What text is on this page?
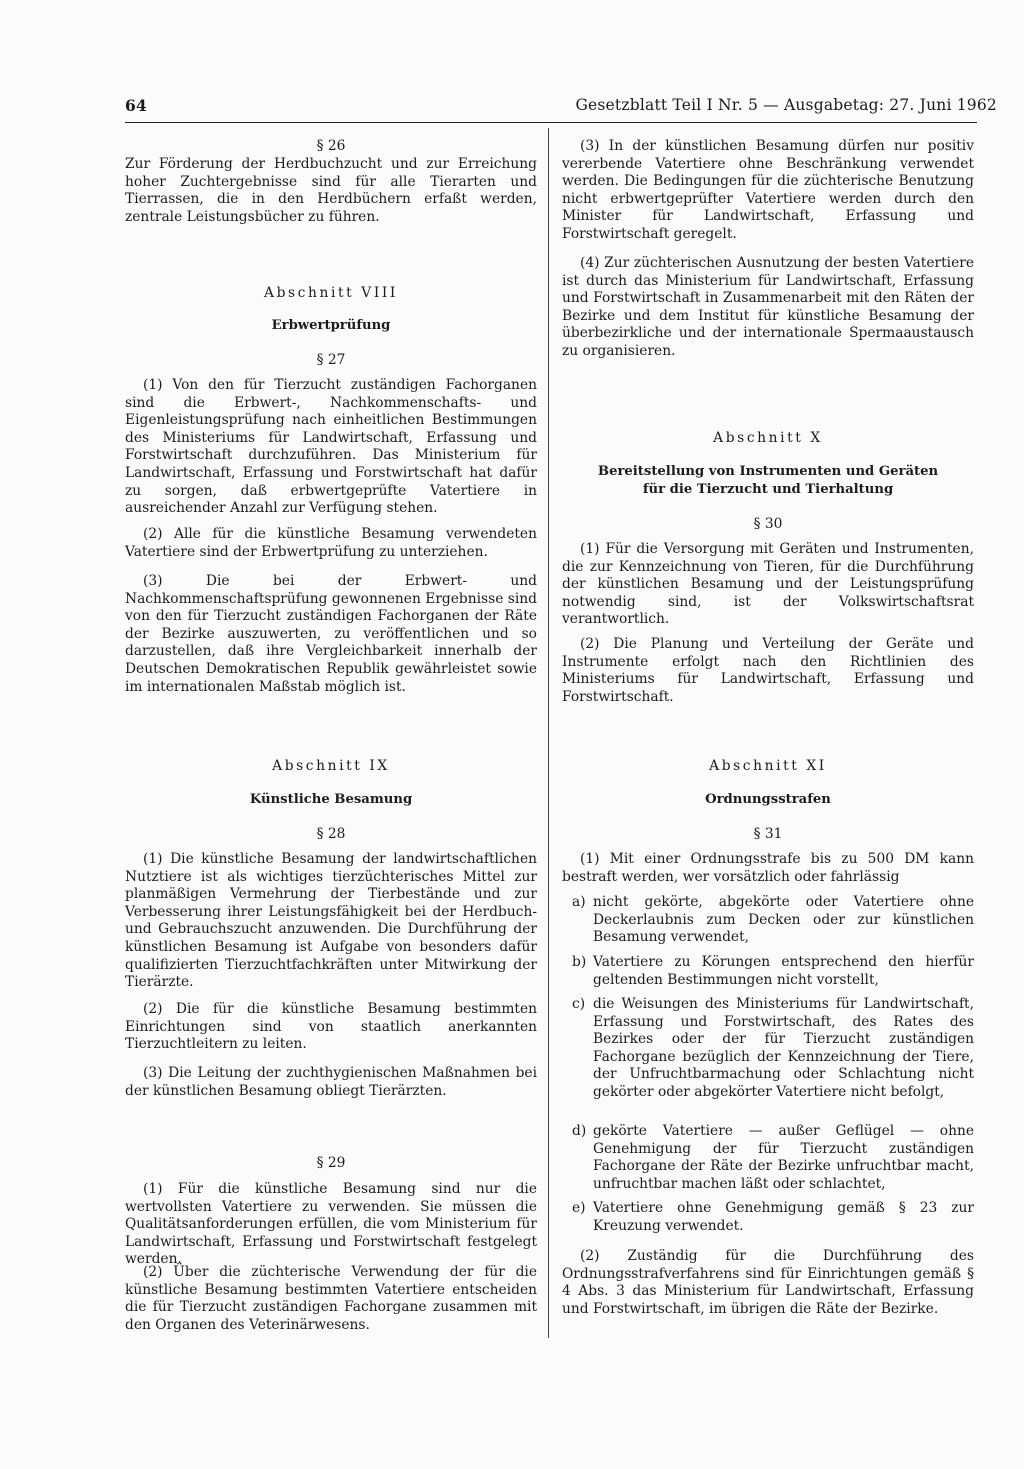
64	Gesetzblatt Teil I Nr. 5 — Ausgabetag: 27. Juni 1962

§ 26

Zur Förderung der Herdbuchzucht und zur Erreichung hoher Zuchtergebnisse sind für alle Tierarten und Tierrassen, die in den Herdbüchern erfaßt werden, zentrale Leistungsbücher zu führen.

Abschnitt VIII

Erbwertprüfung

§ 27

(1) Von den für Tierzucht zuständigen Fachorganen sind die Erbwert-, Nachkommenschafts- und Eigenleistungsprüfung nach einheitlichen Bestimmungen des Ministeriums für Landwirtschaft, Erfassung und Forstwirtschaft durchzuführen. Das Ministerium für Landwirtschaft, Erfassung und Forstwirtschaft hat dafür zu sorgen, daß erbwertgeprüfte Vatertiere in ausreichender Anzahl zur Verfügung stehen.

(2) Alle für die künstliche Besamung verwendeten Vatertiere sind der Erbwertprüfung zu unterziehen.

(3) Die bei der Erbwert- und Nachkommenschaftsprüfung gewonnenen Ergebnisse sind von den für Tierzucht zuständigen Fachorganen der Räte der Bezirke auszuwerten, zu veröffentlichen und so darzustellen, daß ihre Vergleichbarkeit innerhalb der Deutschen Demokratischen Republik gewährleistet sowie im internationalen Maßstab möglich ist.

Abschnitt IX

Künstliche Besamung

§ 28

(1) Die künstliche Besamung der landwirtschaftlichen Nutztiere ist als wichtiges tierzüchterisches Mittel zur planmäßigen Vermehrung der Tierbestände und zur Verbesserung ihrer Leistungsfähigkeit bei der Herdbuch- und Gebrauchszucht anzuwenden. Die Durchführung der künstlichen Besamung ist Aufgabe von besonders dafür qualifizierten Tierzuchtfachkräften unter Mitwirkung der Tierärzte.

(2) Die für die künstliche Besamung bestimmten Einrichtungen sind von staatlich anerkannten Tierzuchtleitern zu leiten.

(3) Die Leitung der zuchthygienischen Maßnahmen bei der künstlichen Besamung obliegt Tierärzten.

§ 29

(1) Für die künstliche Besamung sind nur die wertvollsten Vatertiere zu verwenden. Sie müssen die Qualitätsanforderungen erfüllen, die vom Ministerium für Landwirtschaft, Erfassung und Forstwirtschaft festgelegt werden.

(2) Über die züchterische Verwendung der für die künstliche Besamung bestimmten Vatertiere entscheiden die für Tierzucht zuständigen Fachorgane zusammen mit den Organen des Veterinärwesens.

(3) In der künstlichen Besamung dürfen nur positiv vererbende Vatertiere ohne Beschränkung verwendet werden. Die Bedingungen für die züchterische Benutzung nicht erbwertgeprüfter Vatertiere werden durch den Minister für Landwirtschaft, Erfassung und Forstwirtschaft geregelt.

(4) Zur züchterischen Ausnutzung der besten Vatertiere ist durch das Ministerium für Landwirtschaft, Erfassung und Forstwirtschaft in Zusammenarbeit mit den Räten der Bezirke und dem Institut für künstliche Besamung der überbezirkliche und der internationale Spermaaustausch zu organisieren.

Abschnitt X

Bereitstellung von Instrumenten und Geräten

für die Tierzucht und Tierhaltung

§ 30

(1) Für die Versorgung mit Geräten und Instrumenten, die zur Kennzeichnung von Tieren, für die Durchführung der künstlichen Besamung und der Leistungsprüfung notwendig sind, ist der Volkswirtschaftsrat verantwortlich.

(2) Die Planung und Verteilung der Geräte und Instrumente erfolgt nach den Richtlinien des Ministeriums für Landwirtschaft, Erfassung und Forstwirtschaft.

Abschnitt XI

Ordnungsstrafen

§ 31

(1) Mit einer Ordnungsstrafe bis zu 500 DM kann bestraft werden, wer vorsätzlich oder fahrlässig

a) nicht gekörte, abgekörte oder Vatertiere ohne Deckerlaubnis zum Decken oder zur künstlichen Besamung verwendet,
b) Vatertiere zu Körungen entsprechend den hierfür geltenden Bestimmungen nicht vorstellt,
c) die Weisungen des Ministeriums für Landwirtschaft, Erfassung und Forstwirtschaft, des Rates des Bezirkes oder der für Tierzucht zuständigen Fachorgane bezüglich der Kennzeichnung der Tiere, der Unfruchtbarmachung oder Schlachtung nicht gekörter oder abgekörter Vatertiere nicht befolgt,
d) gekörte Vatertiere — außer Geflügel — ohne Genehmigung der für Tierzucht zuständigen Fachorgane der Räte der Bezirke unfruchtbar macht, unfruchtbar machen läßt oder schlachtet,
e) Vatertiere ohne Genehmigung gemäß § 23 zur Kreuzung verwendet.

(2) Zuständig für die Durchführung des Ordnungsstrafverfahrens sind für Einrichtungen gemäß § 4 Abs. 3 das Ministerium für Landwirtschaft, Erfassung und Forstwirtschaft, im übrigen die Räte der Bezirke.
